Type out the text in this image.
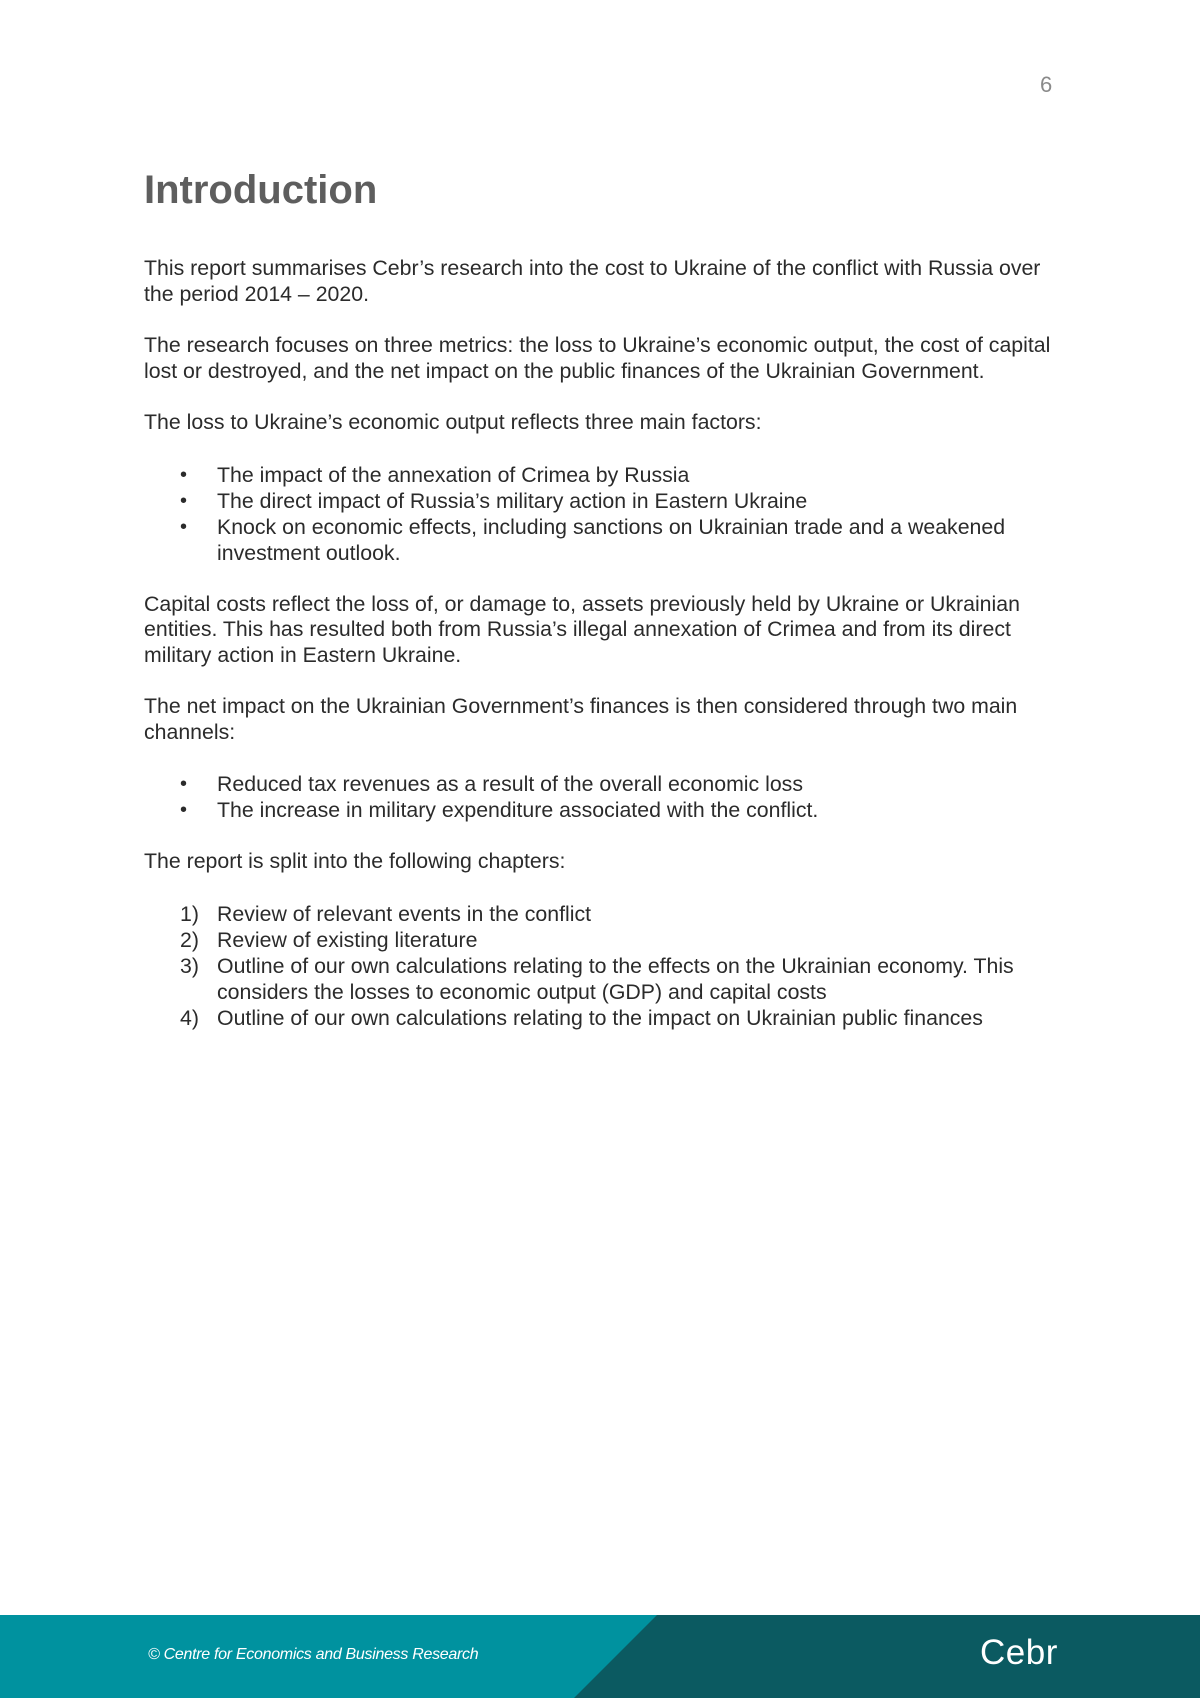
6
Introduction

This report summarises Cebr’s research into the cost to Ukraine of the conflict with Russia over the period 2014 – 2020.

The research focuses on three metrics: the loss to Ukraine’s economic output, the cost of capital lost or destroyed, and the net impact on the public finances of the Ukrainian Government.

The loss to Ukraine’s economic output reflects three main factors:

• The impact of the annexation of Crimea by Russia
• The direct impact of Russia’s military action in Eastern Ukraine
• Knock on economic effects, including sanctions on Ukrainian trade and a weakened investment outlook.

Capital costs reflect the loss of, or damage to, assets previously held by Ukraine or Ukrainian entities. This has resulted both from Russia’s illegal annexation of Crimea and from its direct military action in Eastern Ukraine.

The net impact on the Ukrainian Government’s finances is then considered through two main channels:

• Reduced tax revenues as a result of the overall economic loss
• The increase in military expenditure associated with the conflict.

The report is split into the following chapters:

1) Review of relevant events in the conflict
2) Review of existing literature
3) Outline of our own calculations relating to the effects on the Ukrainian economy. This considers the losses to economic output (GDP) and capital costs
4) Outline of our own calculations relating to the impact on Ukrainian public finances
© Centre for Economics and Business Research	Cebr
